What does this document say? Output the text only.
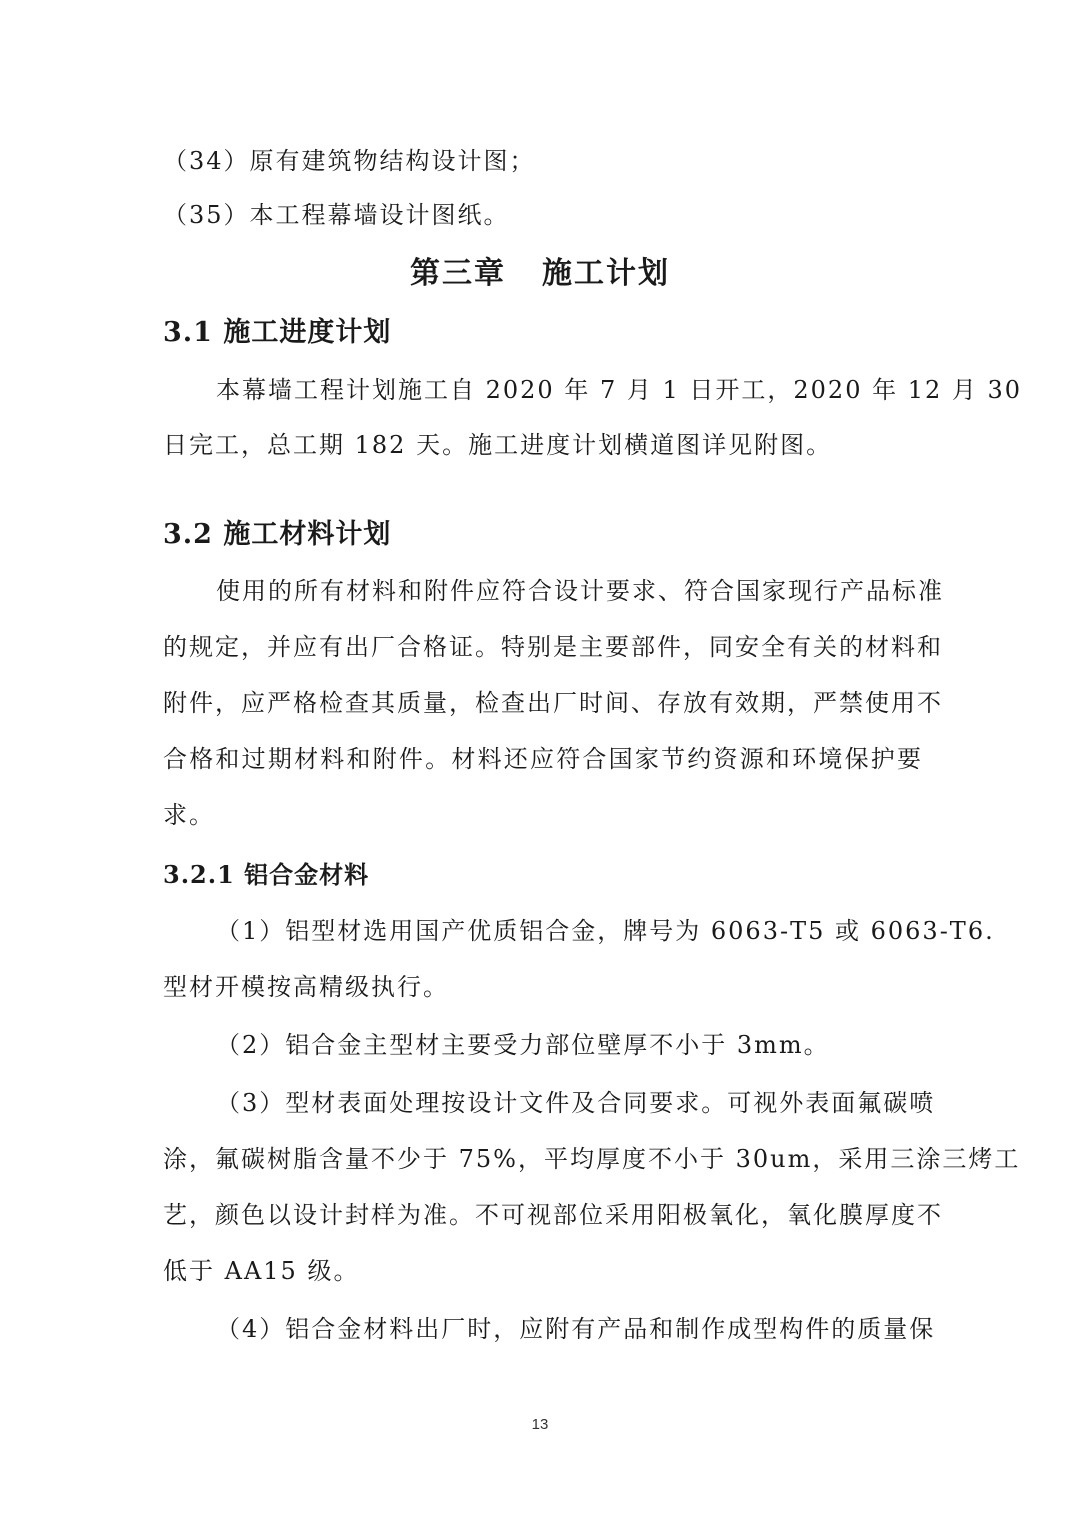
（34）原有建筑物结构设计图；
（35）本工程幕墙设计图纸。
第三章 施工计划
3.1 施工进度计划
本幕墙工程计划施工自 2020 年 7 月 1 日开工，2020 年 12 月 30
日完工，总工期 182 天。施工进度计划横道图详见附图。
3.2 施工材料计划
使用的所有材料和附件应符合设计要求、符合国家现行产品标准
的规定，并应有出厂合格证。特别是主要部件，同安全有关的材料和
附件，应严格检查其质量，检查出厂时间、存放有效期，严禁使用不
合格和过期材料和附件。材料还应符合国家节约资源和环境保护要
求。
3.2.1 铝合金材料
（1）铝型材选用国产优质铝合金，牌号为 6063-T5 或 6063-T6.
型材开模按高精级执行。
（2）铝合金主型材主要受力部位壁厚不小于 3mm。
（3）型材表面处理按设计文件及合同要求。可视外表面氟碳喷
涂，氟碳树脂含量不少于 75%，平均厚度不小于 30um，采用三涂三烤工
艺，颜色以设计封样为准。不可视部位采用阳极氧化，氧化膜厚度不
低于 AA15 级。
（4）铝合金材料出厂时，应附有产品和制作成型构件的质量保
13
